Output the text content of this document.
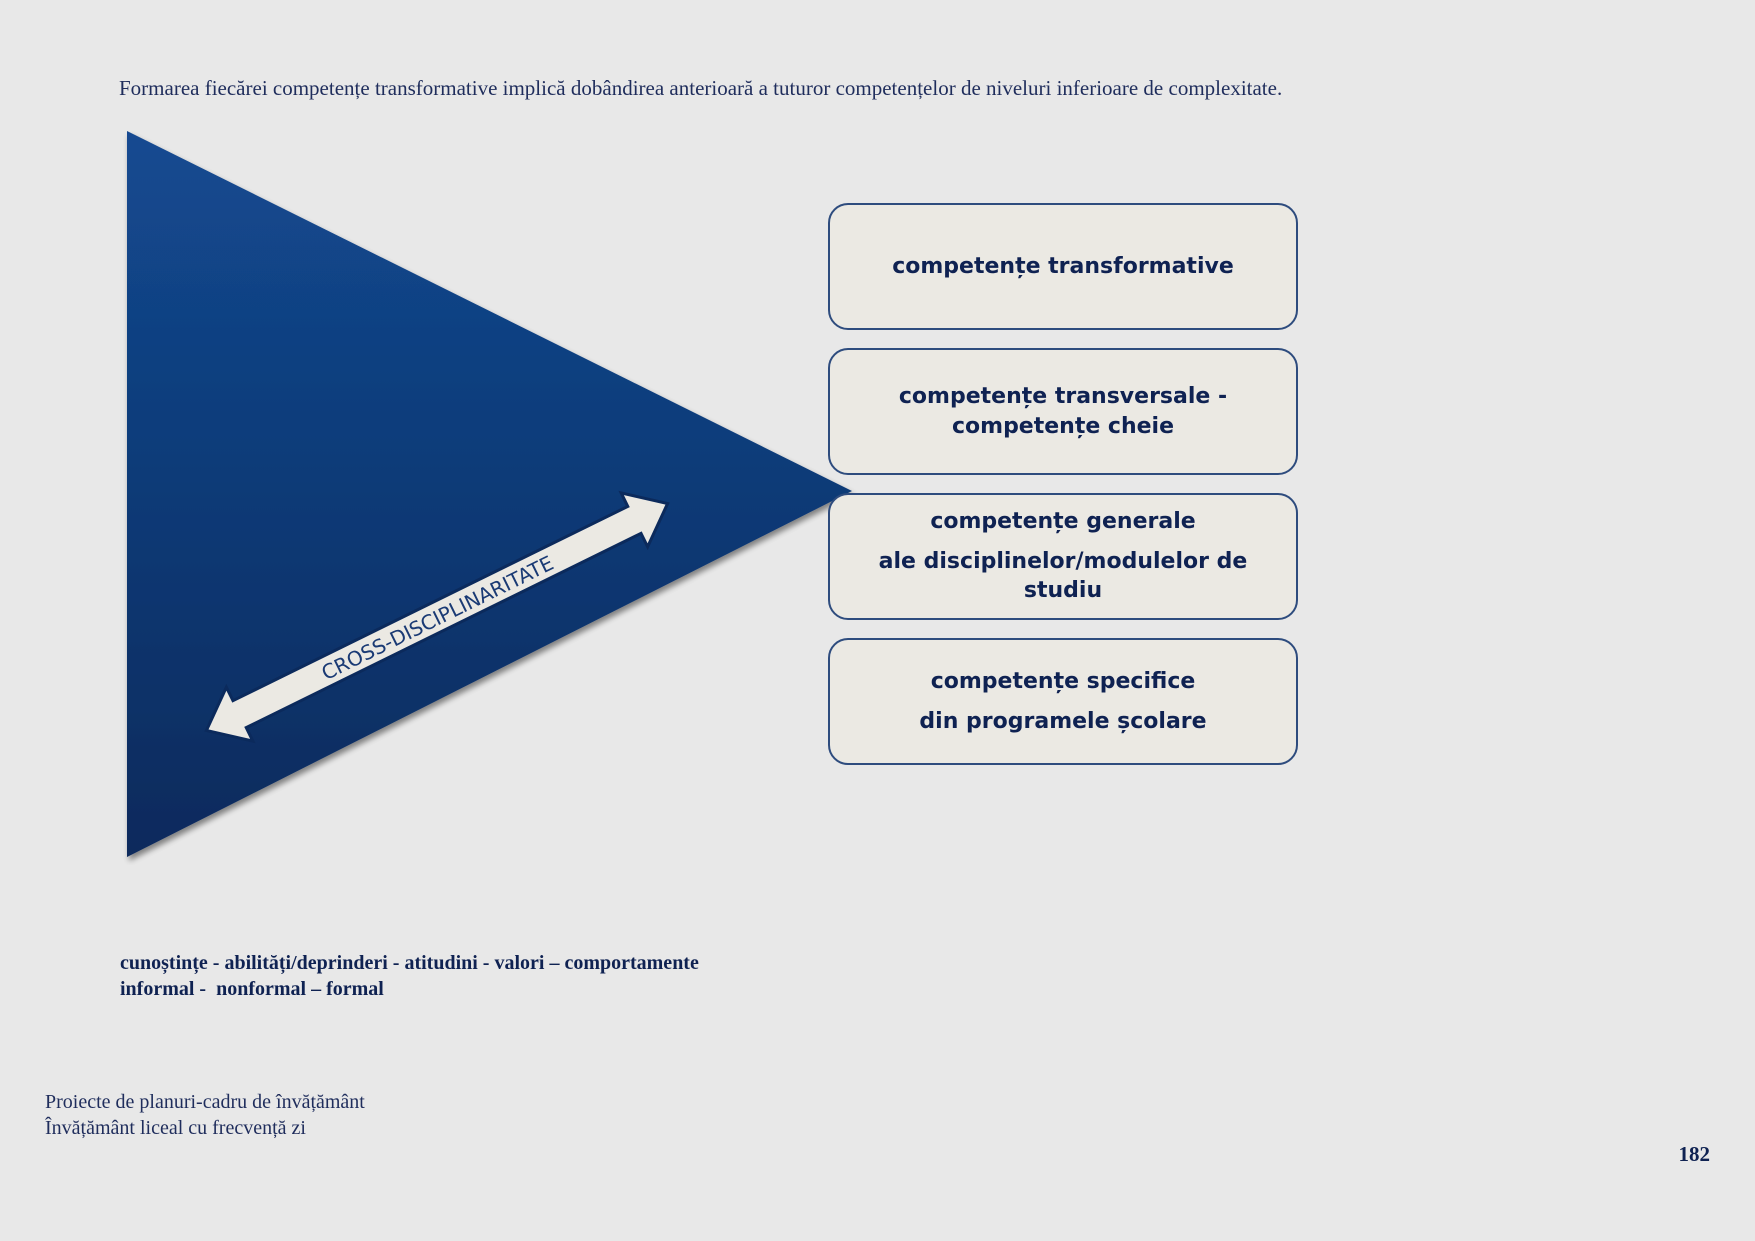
Formarea fiecărei competențe transformative implică dobândirea anterioară a tuturor competențelor de niveluri inferioare de complexitate.
CROSS-DISCIPLINARITATE
competențe transformative
competențe transversale - competențe cheie
competențe generale
ale disciplinelor/modulelor de studiu
competențe specifice
din programele școlare
cunoștințe - abilități/deprinderi - atitudini - valori – comportamente
informal -  nonformal – formal
Proiecte de planuri-cadru de învățământ
Învățământ liceal cu frecvență zi
182
